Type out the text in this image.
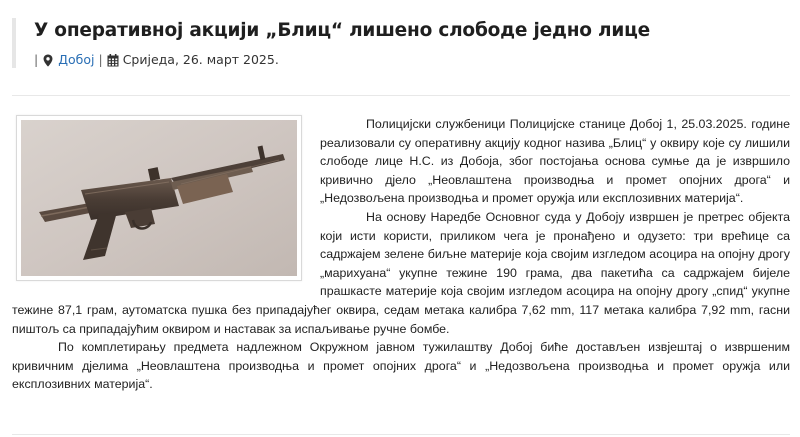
У оперативној акцији „Блиц“ лишено слободе једно лице
| Добој | Сриједа, 26. март 2025.

Полицијски службеници Полицијске станице Добој 1, 25.03.2025. године реализовали су оперативну акцију кодног назива „Блиц“ у оквиру које су лишили слободе лице Н.С. из Добоја, због постојања основа сумње да је извршило кривично дјело „Неовлаштена производња и промет опојних дрога“ и „Недозвољена производња и промет оружја или експлозивних материја“.

На основу Наредбе Основног суда у Добоју извршен је претрес објекта који исти користи, приликом чега је пронађено и одузето: три врећице са садржајем зелене биљне материје која својим изгледом асоцира на опојну дрогу „марихуана“ укупне тежине 190 грама, два пакетића са садржајем бијеле прашкасте материје која својим изгледом асоцира на опојну дрогу „спид“ укупне тежине 87,1 грам, аутоматска пушка без припадајућег оквира, седам метака калибра 7,62 mm, 117 метака калибра 7,92 mm, гасни пиштољ са припадајућим оквиром и наставак за испаљивање ручне бомбе.

По комплетирању предмета надлежном Окружном јавном тужилаштву Добој биће достављен извјештај о извршеним кривичним дјелима „Неовлаштена производња и промет опојних дрога“ и „Недозвољена производња и промет оружја или експлозивних материја“.
